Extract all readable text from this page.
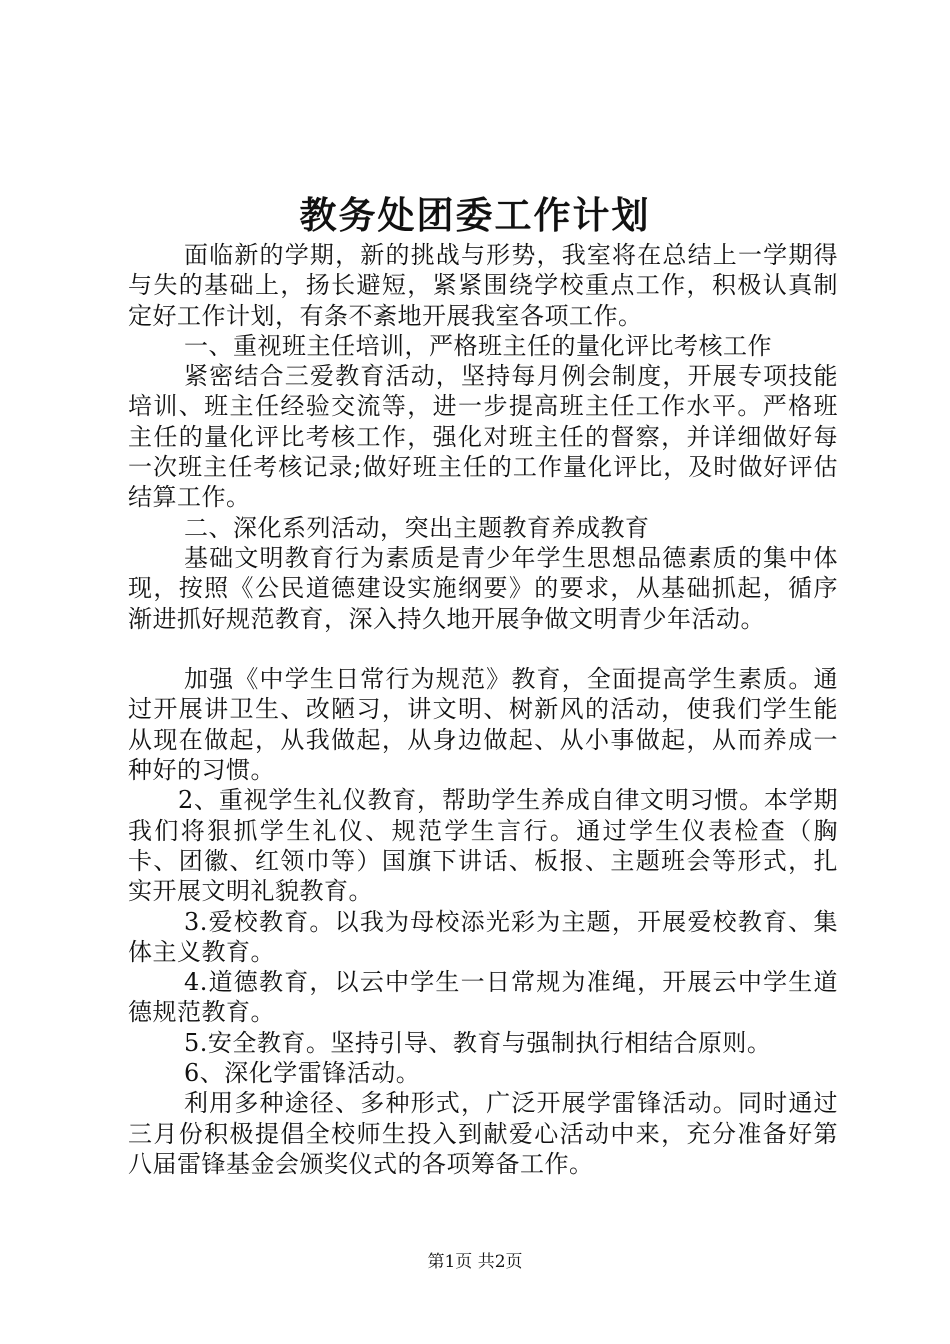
教务处团委工作计划

面临新的学期，新的挑战与形势，我室将在总结上一学期得与失的基础上，扬长避短，紧紧围绕学校重点工作，积极认真制定好工作计划，有条不紊地开展我室各项工作。

一、重视班主任培训，严格班主任的量化评比考核工作

紧密结合三爱教育活动，坚持每月例会制度，开展专项技能培训、班主任经验交流等，进一步提高班主任工作水平。严格班主任的量化评比考核工作，强化对班主任的督察，并详细做好每一次班主任考核记录;做好班主任的工作量化评比，及时做好评估结算工作。

二、深化系列活动，突出主题教育养成教育

基础文明教育行为素质是青少年学生思想品德素质的集中体现，按照《公民道德建设实施纲要》的要求，从基础抓起，循序渐进抓好规范教育，深入持久地开展争做文明青少年活动。

加强《中学生日常行为规范》教育，全面提高学生素质。通过开展讲卫生、改陋习，讲文明、树新风的活动，使我们学生能从现在做起，从我做起，从身边做起、从小事做起，从而养成一种好的习惯。

2、重视学生礼仪教育，帮助学生养成自律文明习惯。本学期我们将狠抓学生礼仪、规范学生言行。通过学生仪表检查（胸卡、团徽、红领巾等）国旗下讲话、板报、主题班会等形式，扎实开展文明礼貌教育。

3.爱校教育。以我为母校添光彩为主题，开展爱校教育、集体主义教育。

4.道德教育，以云中学生一日常规为准绳，开展云中学生道德规范教育。

5.安全教育。坚持引导、教育与强制执行相结合原则。

6、深化学雷锋活动。

利用多种途径、多种形式，广泛开展学雷锋活动。同时通过三月份积极提倡全校师生投入到献爱心活动中来，充分准备好第八届雷锋基金会颁奖仪式的各项筹备工作。

第1页 共2页
